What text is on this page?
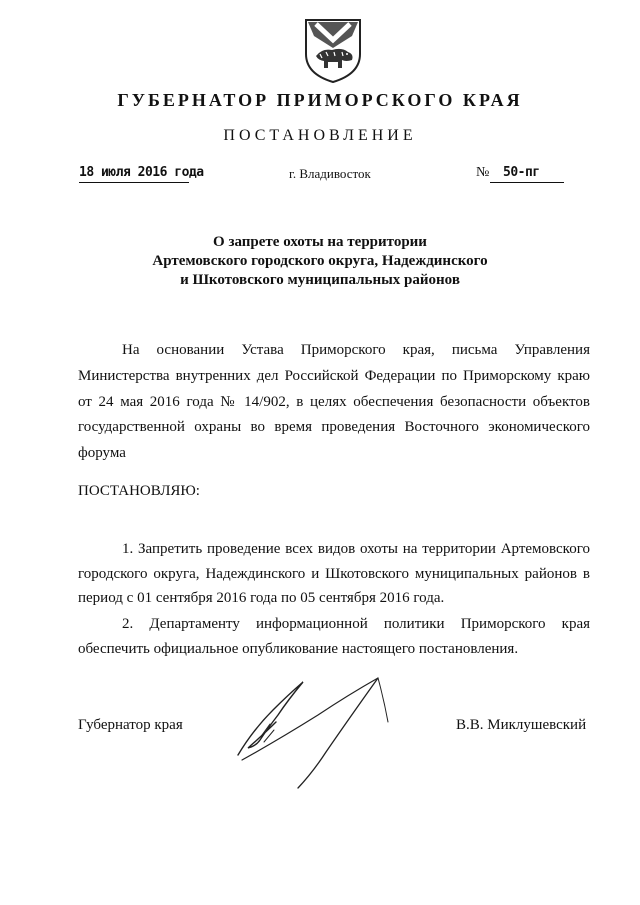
ГУБЕРНАТОР ПРИМОРСКОГО КРАЯ
ПОСТАНОВЛЕНИЕ
18 июля 2016 года	г. Владивосток	№ 50-пг
О запрете охоты на территории
Артемовского городского округа, Надеждинского
и Шкотовского муниципальных районов
На основании Устава Приморского края, письма Управления Министерства внутренних дел Российской Федерации по Приморскому краю от 24 мая 2016 года № 14/902, в целях обеспечения безопасности объектов государственной охраны во время проведения Восточного экономического форума
ПОСТАНОВЛЯЮ:
1. Запретить проведение всех видов охоты на территории Артемовского городского округа, Надеждинского и Шкотовского муниципальных районов в период с 01 сентября 2016 года по 05 сентября 2016 года.
2. Департаменту информационной политики Приморского края обеспечить официальное опубликование настоящего постановления.
Губернатор края	В.В. Миклушевский
